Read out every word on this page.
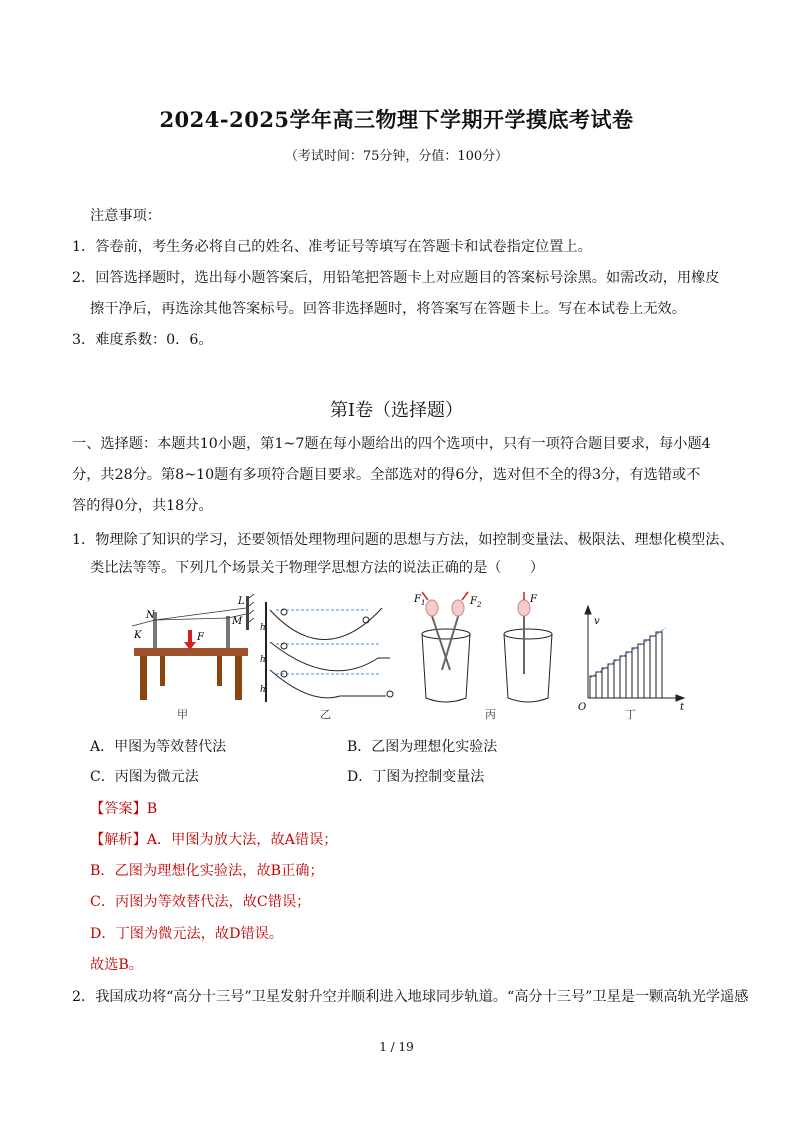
2024-2025学年高三物理下学期开学摸底考试卷
（考试时间：75分钟，分值：100分）
注意事项：
1．答卷前，考生务必将自己的姓名、准考证号等填写在答题卡和试卷指定位置上。
2．回答选择题时，选出每小题答案后，用铅笔把答题卡上对应题目的答案标号涂黑。如需改动，用橡皮
擦干净后，再选涂其他答案标号。回答非选择题时，将答案写在答题卡上。写在本试卷上无效。
3．难度系数：0．6。
第Ⅰ卷（选择题）
一、选择题：本题共10小题，第1~7题在每小题给出的四个选项中，只有一项符合题目要求，每小题4
分，共28分。第8~10题有多项符合题目要求。全部选对的得6分，选对但不全的得3分，有选错或不
答的得0分，共18分。
1．物理除了知识的学习，还要领悟处理物理问题的思想与方法，如控制变量法、极限法、理想化模型法、
类比法等等。下列几个场景关于物理学思想方法的说法正确的是（　　）
N
K
L
M
F
h
h
h
$F_1$	$F_2$	F
v
O	t
甲	乙	丙	丁
A．甲图为等效替代法	B．乙图为理想化实验法
C．丙图为微元法	D．丁图为控制变量法
【答案】B
【解析】A．甲图为放大法，故A错误；
B．乙图为理想化实验法，故B正确；
C．丙图为等效替代法，故C错误；
D．丁图为微元法，故D错误。
故选B。
2．我国成功将“高分十三号”卫星发射升空并顺利进入地球同步轨道。“高分十三号”卫星是一颗高轨光学遥感
1 / 19
